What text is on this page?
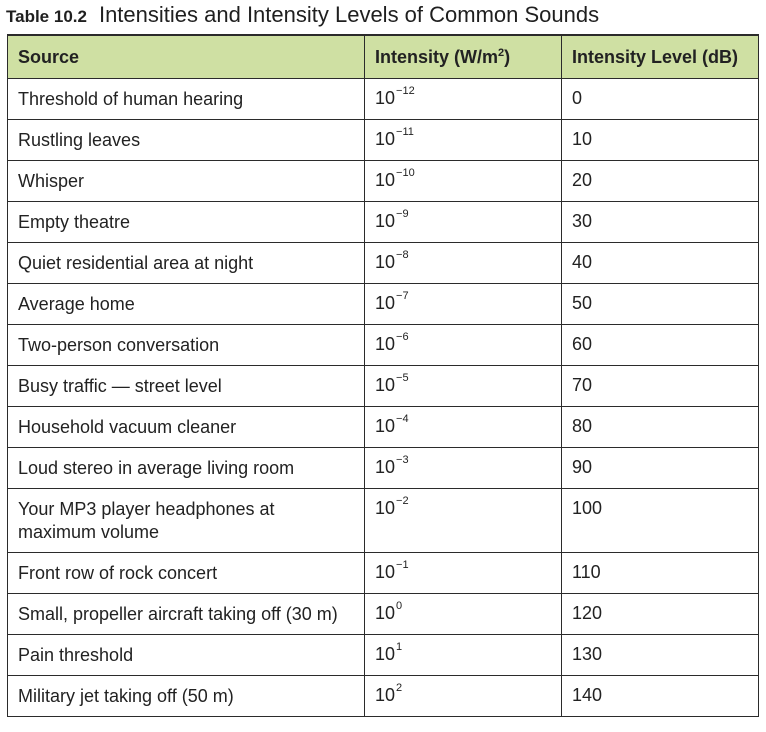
Table 10.2 Intensities and Intensity Levels of Common Sounds
Source	Intensity $(W/m^2)$	Intensity Level (dB)
Threshold of human hearing	$10^{-12}$	0
Rustling leaves	$10^{-11}$	10
Whisper	$10^{-10}$	20
Empty theatre	$10^{-9}$	30
Quiet residential area at night	$10^{-8}$	40
Average home	$10^{-7}$	50
Two-person conversation	$10^{-6}$	60
Busy traffic — street level	$10^{-5}$	70
Household vacuum cleaner	$10^{-4}$	80
Loud stereo in average living room	$10^{-3}$	90
Your MP3 player headphones at maximum volume	$10^{-2}$	100
Front row of rock concert	$10^{-1}$	110
Small, propeller aircraft taking off (30 m)	$10^0$	120
Pain threshold	$10^1$	130
Military jet taking off (50 m)	$10^2$	140
